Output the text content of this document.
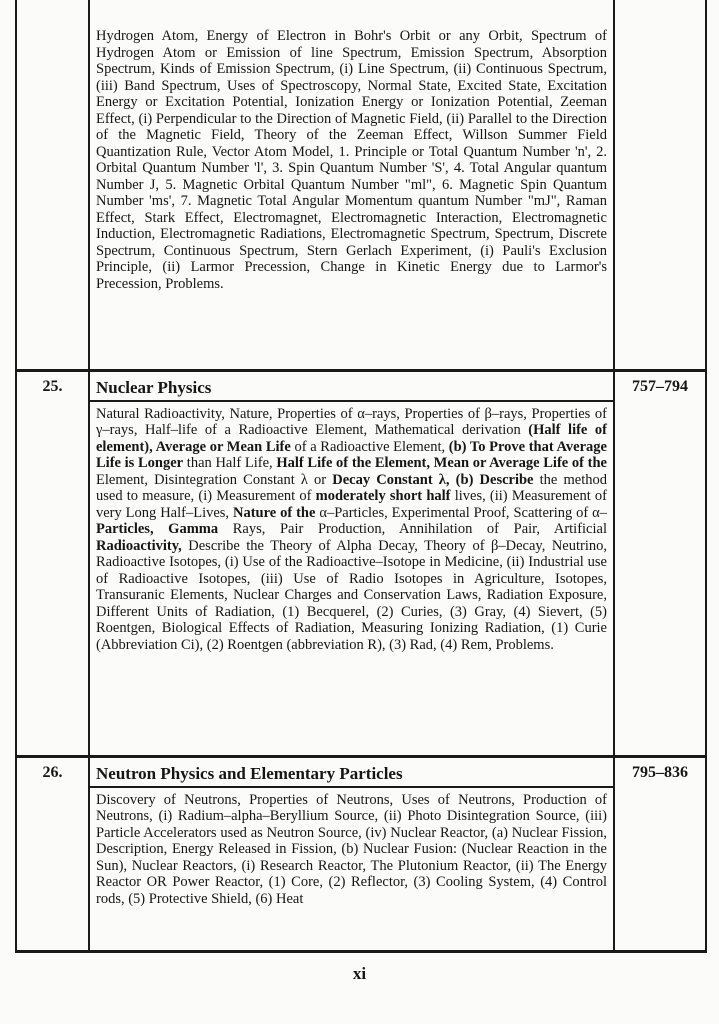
	Hydrogen Atom, Energy of Electron in Bohr's Orbit or any Orbit, Spectrum of Hydrogen Atom or Emission of line Spectrum, Emission Spectrum, Absorption Spectrum, Kinds of Emission Spectrum, (i) Line Spectrum, (ii) Continuous Spectrum, (iii) Band Spectrum, Uses of Spectroscopy, Normal State, Excited State, Excitation Energy or Excitation Potential, Ionization Energy or Ionization Potential, Zeeman Effect, (i) Perpendicular to the Direction of Magnetic Field, (ii) Parallel to the Direction of the Magnetic Field, Theory of the Zeeman Effect, Willson Summer Field Quantization Rule, Vector Atom Model, 1. Principle or Total Quantum Number 'n', 2. Orbital Quantum Number 'l', 3. Spin Quantum Number 'S', 4. Total Angular quantum Number J, 5. Magnetic Orbital Quantum Number "ml", 6. Magnetic Spin Quantum Number 'ms', 7. Magnetic Total Angular Momentum quantum Number "mJ", Raman Effect, Stark Effect, Electromagnet, Electromagnetic Interaction, Electromagnetic Induction, Electromagnetic Radiations, Electromagnetic Spectrum, Spectrum, Discrete Spectrum, Continuous Spectrum, Stern Gerlach Experiment, (i) Pauli's Exclusion Principle, (ii) Larmor Precession, Change in Kinetic Energy due to Larmor's Precession, Problems.	

25.	Nuclear Physics
Natural Radioactivity, Nature, Properties of α–rays, Properties of β–rays, Properties of γ–rays, Half–life of a Radioactive Element, Mathematical derivation (Half life of element), Average or Mean Life of a Radioactive Element, (b) To Prove that Average Life is Longer than Half Life, Half Life of the Element, Mean or Average Life of the Element, Disintegration Constant λ or Decay Constant λ, (b) Describe the method used to measure, (i) Measurement of moderately short half lives, (ii) Measurement of very Long Half–Lives, Nature of the α–Particles, Experimental Proof, Scattering of α–Particles, Gamma Rays, Pair Production, Annihilation of Pair, Artificial Radioactivity, Describe the Theory of Alpha Decay, Theory of β–Decay, Neutrino, Radioactive Isotopes, (i) Use of the Radioactive–Isotope in Medicine, (ii) Industrial use of Radioactive Isotopes, (iii) Use of Radio Isotopes in Agriculture, Isotopes, Transuranic Elements, Nuclear Charges and Conservation Laws, Radiation Exposure, Different Units of Radiation, (1) Becquerel, (2) Curies, (3) Gray, (4) Sievert, (5) Roentgen, Biological Effects of Radiation, Measuring Ionizing Radiation, (1) Curie (Abbreviation Ci), (2) Roentgen (abbreviation R), (3) Rad, (4) Rem, Problems.	757–794

26.	Neutron Physics and Elementary Particles
Discovery of Neutrons, Properties of Neutrons, Uses of Neutrons, Production of Neutrons, (i) Radium–alpha–Beryllium Source, (ii) Photo Disintegration Source, (iii) Particle Accelerators used as Neutron Source, (iv) Nuclear Reactor, (a) Nuclear Fission, Description, Energy Released in Fission, (b) Nuclear Fusion: (Nuclear Reaction in the Sun), Nuclear Reactors, (i) Research Reactor, The Plutonium Reactor, (ii) The Energy Reactor OR Power Reactor, (1) Core, (2) Reflector, (3) Cooling System, (4) Control rods, (5) Protective Shield, (6) Heat	795–836
xi
